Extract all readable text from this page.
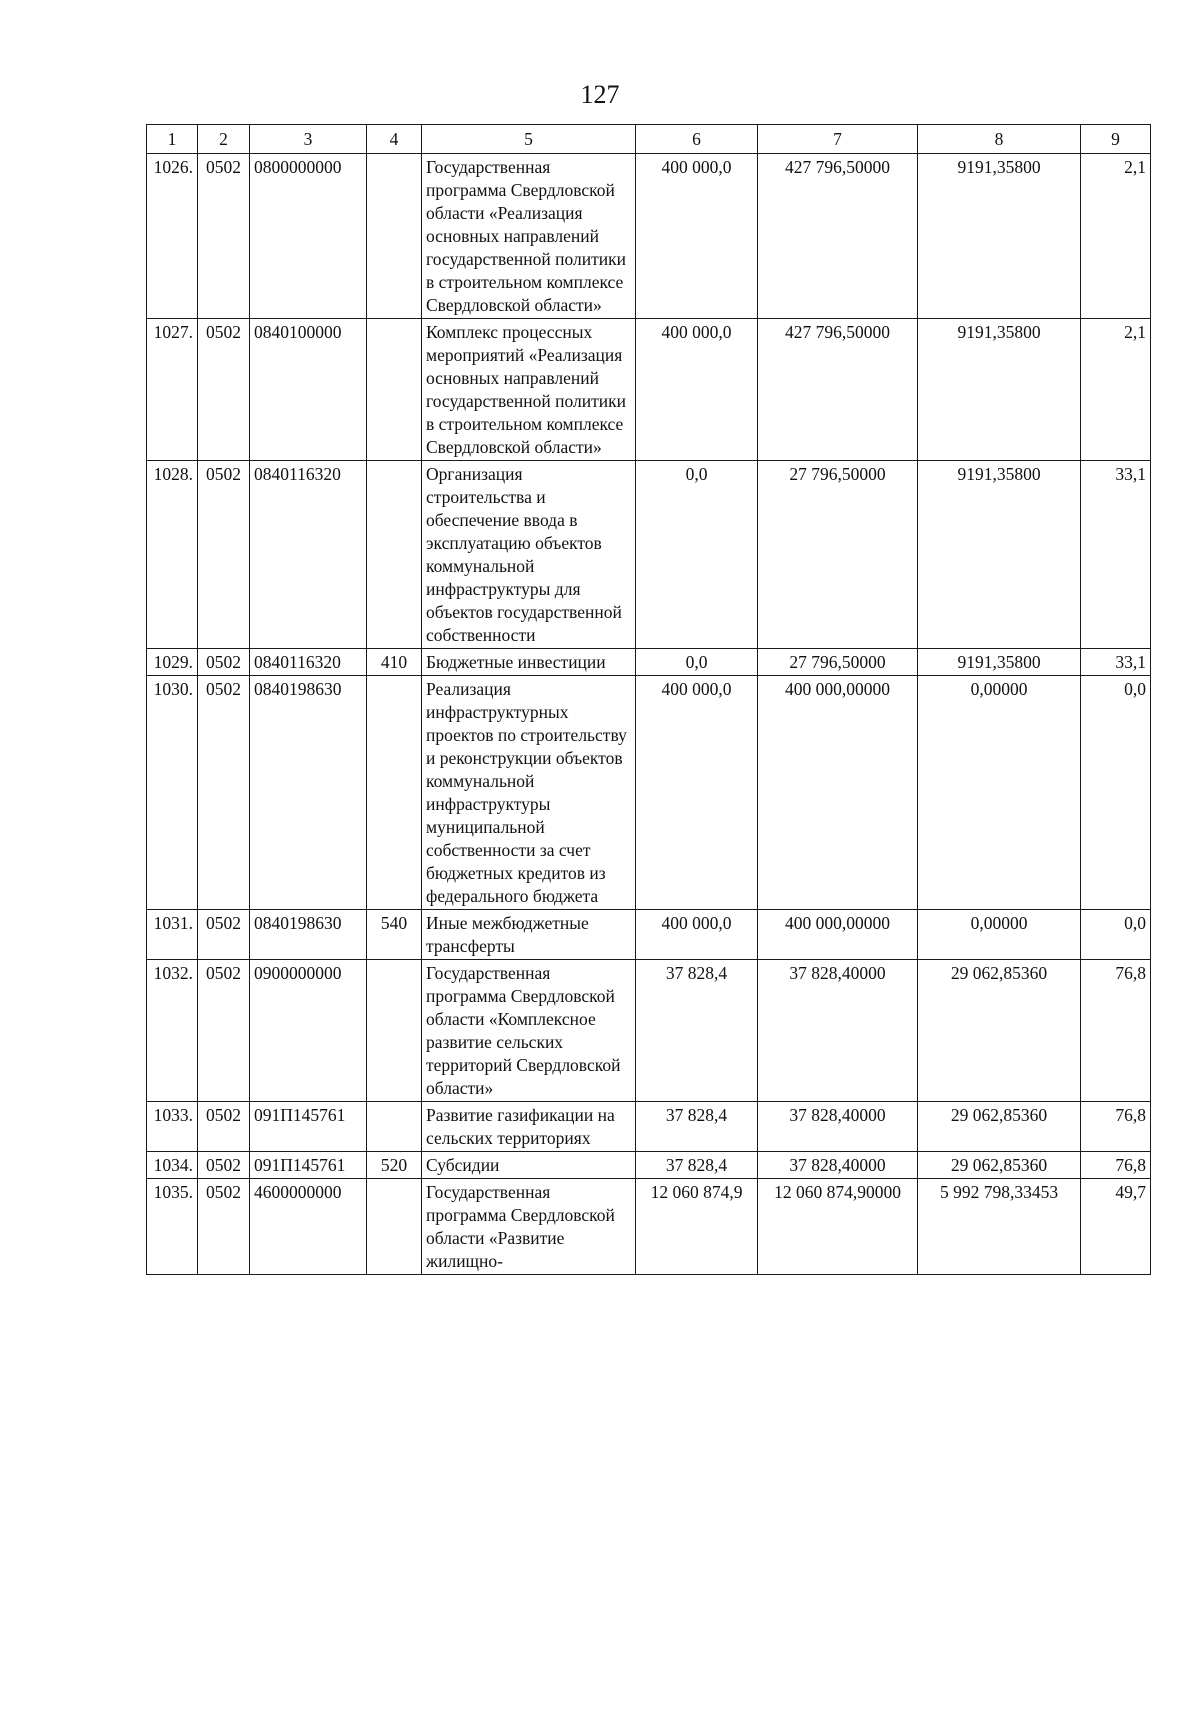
127
1	2	3	4	5	6	7	8	9
1026.	0502	0800000000		Государственная программа Свердловской области «Реализация основных направлений государственной политики в строительном комплексе Свердловской области»	400 000,0	427 796,50000	9191,35800	2,1
1027.	0502	0840100000		Комплекс процессных мероприятий «Реализация основных направлений государственной политики в строительном комплексе Свердловской области»	400 000,0	427 796,50000	9191,35800	2,1
1028.	0502	0840116320		Организация строительства и обеспечение ввода в эксплуатацию объектов коммунальной инфраструктуры для объектов государственной собственности	0,0	27 796,50000	9191,35800	33,1
1029.	0502	0840116320	410	Бюджетные инвестиции	0,0	27 796,50000	9191,35800	33,1
1030.	0502	0840198630		Реализация инфраструктурных проектов по строительству и реконструкции объектов коммунальной инфраструктуры муниципальной собственности за счет бюджетных кредитов из федерального бюджета	400 000,0	400 000,00000	0,00000	0,0
1031.	0502	0840198630	540	Иные межбюджетные трансферты	400 000,0	400 000,00000	0,00000	0,0
1032.	0502	0900000000		Государственная программа Свердловской области «Комплексное развитие сельских территорий Свердловской области»	37 828,4	37 828,40000	29 062,85360	76,8
1033.	0502	091П145761		Развитие газификации на сельских территориях	37 828,4	37 828,40000	29 062,85360	76,8
1034.	0502	091П145761	520	Субсидии	37 828,4	37 828,40000	29 062,85360	76,8
1035.	0502	4600000000		Государственная программа Свердловской области «Развитие жилищно-	12 060 874,9	12 060 874,90000	5 992 798,33453	49,7
